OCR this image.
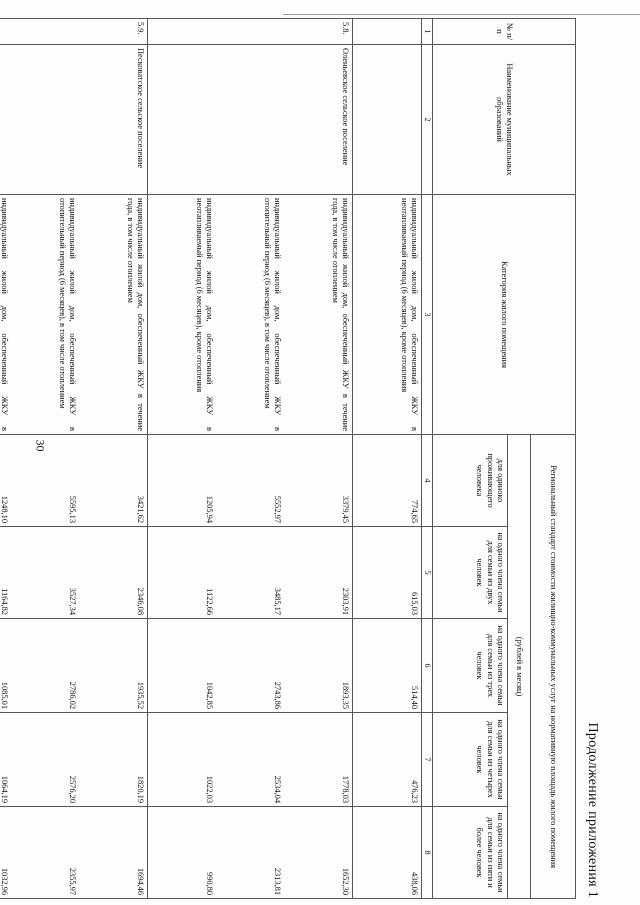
30
Продолжение приложения 1
№ п/п	Наименование муниципальных образований	Категория жилого помещения	Региональный стандарт стоимости жилищно-коммунальных услуг на нормативную площадь жилого помещения				
			(рублей в месяц)				
			для одиноко проживающего человека	на одного члена семьи для семьи из двух человек	на одного члена семьи для семьи из трех человек	на одного члена семьи для семьи из четырех человек	на одного члена семьи для семьи из пяти и более человек
1	2	3	4	5	6	7	8
		индивидуальный жилой дом, обеспеченный ЖКУ в неотапливаемый период (6 месяцев), кроме отопления	774,65	615,03	514,40	476,23	438,06
5.8.	Оленьевское сельское поселение	индивидуальный жилой дом, обеспеченный ЖКУ в течение года, в том числе отоплением	3379,45	2303,91	1893,35	1778,03	1652,30
		индивидуальный жилой дом, обеспеченный ЖКУ в отопительный период (6 месяцев), в том числе отоплением	5552,97	3485,17	2743,86	2534,04	2313,81
		индивидуальный жилой дом, обеспеченный ЖКУ в неотапливаемый период (6 месяцев), кроме отопления	1205,94	1122,66	1042,85	1022,03	990,80
5.9.	Песковатское сельское поселение	индивидуальный жилой дом, обеспеченный ЖКУ в течение года, в том числе отоплением	3421,62	2346,08	1935,52	1820,19	1694,46
		индивидуальный жилой дом, обеспеченный ЖКУ в отопительный период (6 месяцев), в том числе отоплением	5595,13	3527,34	2786,02	2576,20	2355,97
		индивидуальный жилой дом, обеспеченный ЖКУ в	1248,10	1164,82	1085,01	1064,19	1032,96
